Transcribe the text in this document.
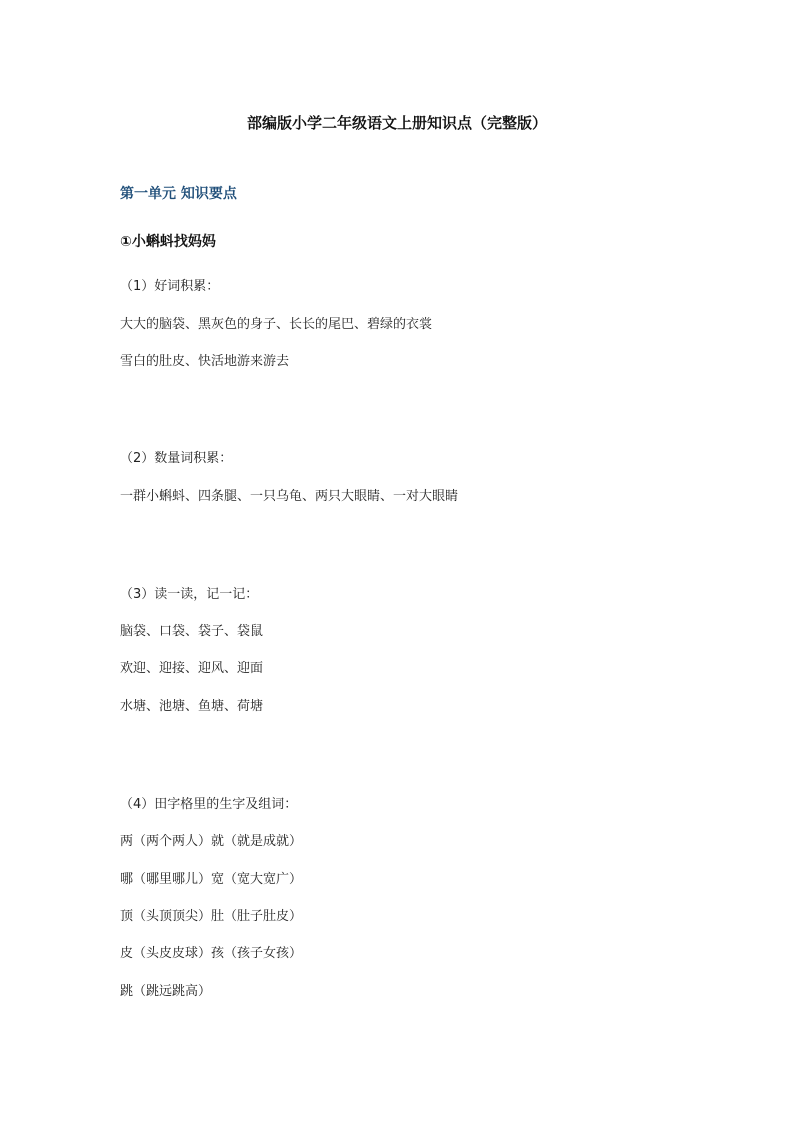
部编版小学二年级语文上册知识点（完整版）
第一单元 知识要点
①小蝌蚪找妈妈
（1）好词积累：
大大的脑袋、黑灰色的身子、长长的尾巴、碧绿的衣裳
雪白的肚皮、快活地游来游去
（2）数量词积累：
一群小蝌蚪、四条腿、一只乌龟、两只大眼睛、一对大眼睛
（3）读一读，记一记：
脑袋、口袋、袋子、袋鼠
欢迎、迎接、迎风、迎面
水塘、池塘、鱼塘、荷塘
（4）田字格里的生字及组词：
两（两个两人）就（就是成就）
哪（哪里哪儿）宽（宽大宽广）
顶（头顶顶尖）肚（肚子肚皮）
皮（头皮皮球）孩（孩子女孩）
跳（跳远跳高）
